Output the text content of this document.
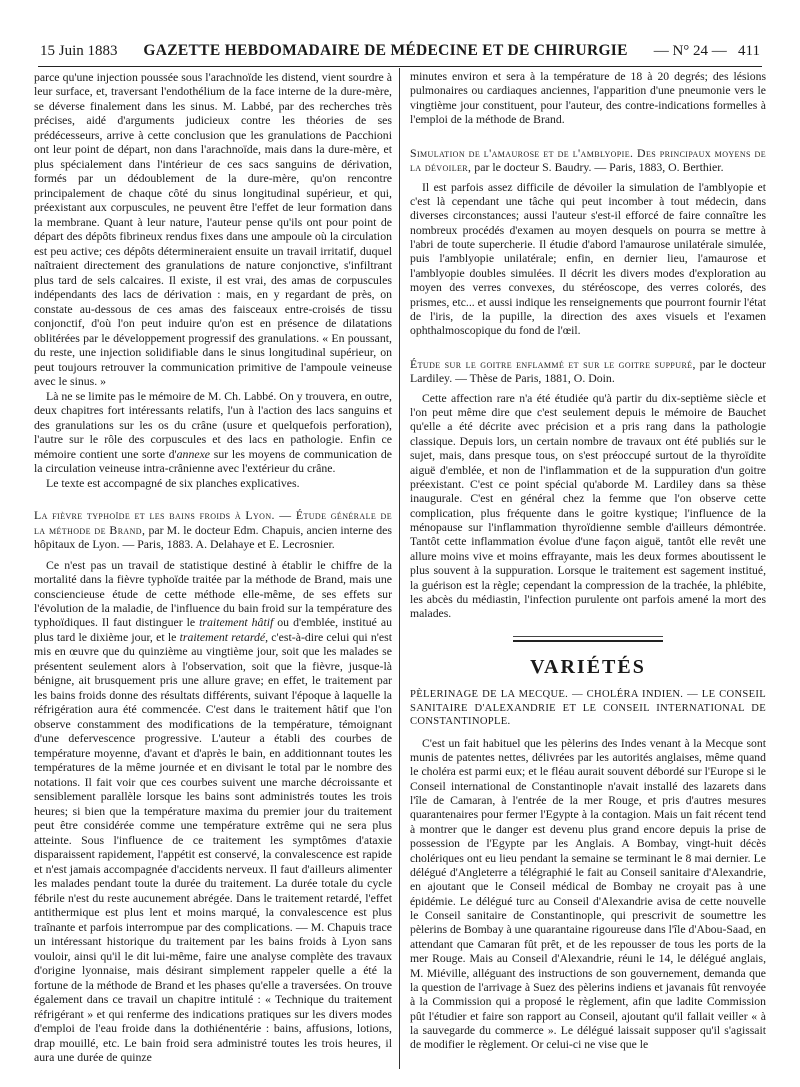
15 Juin 1883 GAZETTE HEBDOMADAIRE DE MÉDECINE ET DE CHIRURGIE — N° 24 — 411

parce qu'une injection poussée sous l'arachnoïde les distend, vient sourdre à leur surface, et, traversant l'endothélium de la face interne de la dure-mère, se déverse finalement dans les sinus. M. Labbé, par des recherches très précises, aidé d'arguments judicieux contre les théories de ses prédécesseurs, arrive à cette conclusion que les granulations de Pacchioni ont leur point de départ, non dans l'arachnoïde, mais dans la dure-mère, et plus spécialement dans l'intérieur de ces sacs sanguins de dérivation, formés par un dédoublement de la dure-mère, qu'on rencontre principalement de chaque côté du sinus longitudinal supérieur, et qui, préexistant aux corpuscules, ne peuvent être l'effet de leur formation dans la membrane. Quant à leur nature, l'auteur pense qu'ils ont pour point de départ des dépôts fibrineux rendus fixes dans une ampoule où la circulation est peu active; ces dépôts détermineraient ensuite un travail irritatif, duquel naîtraient directement des granulations de nature conjonctive, s'infiltrant plus tard de sels calcaires. Il existe, il est vrai, des amas de corpuscules indépendants des lacs de dérivation : mais, en y regardant de près, on constate au-dessous de ces amas des faisceaux entre-croisés de tissu conjonctif, d'où l'on peut induire qu'on est en présence de dilatations oblitérées par le développement progressif des granulations. « En poussant, du reste, une injection solidifiable dans le sinus longitudinal supérieur, on peut toujours retrouver la communication primitive de l'ampoule veineuse avec le sinus. »

Là ne se limite pas le mémoire de M. Ch. Labbé. On y trouvera, en outre, deux chapitres fort intéressants relatifs, l'un à l'action des lacs sanguins et des granulations sur les os du crâne (usure et quelquefois perforation), l'autre sur le rôle des corpuscules et des lacs en pathologie. Enfin ce mémoire contient une sorte d'annexe sur les moyens de communication de la circulation veineuse intra-crânienne avec l'extérieur du crâne.

Le texte est accompagné de six planches explicatives.

La fièvre typhoïde et les bains froids à Lyon. — Étude générale de la méthode de Brand, par M. le docteur Edm. Chapuis, ancien interne des hôpitaux de Lyon. — Paris, 1883. A. Delahaye et E. Lecrosnier.

Ce n'est pas un travail de statistique destiné à établir le chiffre de la mortalité dans la fièvre typhoïde traitée par la méthode de Brand, mais une consciencieuse étude de cette méthode elle-même, de ses effets sur l'évolution de la maladie, de l'influence du bain froid sur la température des typhoïdiques. Il faut distinguer le traitement hâtif ou d'emblée, institué au plus tard le dixième jour, et le traitement retardé, c'est-à-dire celui qui n'est mis en œuvre que du quinzième au vingtième jour, soit que les malades se présentent seulement alors à l'observation, soit que la fièvre, jusque-là bénigne, ait brusquement pris une allure grave; en effet, le traitement par les bains froids donne des résultats différents, suivant l'époque à laquelle la réfrigération aura été commencée. C'est dans le traitement hâtif que l'on observe constamment des modifications de la température, témoignant d'une defervescence progressive. L'auteur a établi des courbes de température moyenne, d'avant et d'après le bain, en additionnant toutes les températures de la même journée et en divisant le total par le nombre des notations. Il fait voir que ces courbes suivent une marche décroissante et sensiblement parallèle lorsque les bains sont administrés toutes les trois heures; si bien que la température maxima du premier jour du traitement peut être considérée comme une température extrême qui ne sera plus atteinte. Sous l'influence de ce traitement les symptômes d'ataxie disparaissent rapidement, l'appétit est conservé, la convalescence est rapide et n'est jamais accompagnée d'accidents nerveux. Il faut d'ailleurs alimenter les malades pendant toute la durée du traitement. La durée totale du cycle fébrile n'est du reste aucunement abrégée. Dans le traitement retardé, l'effet antithermique est plus lent et moins marqué, la convalescence est plus traînante et parfois interrompue par des complications. — M. Chapuis trace un intéressant historique du traitement par les bains froids à Lyon sans vouloir, ainsi qu'il le dit lui-même, faire une analyse complète des travaux d'origine lyonnaise, mais désirant simplement rappeler quelle a été la fortune de la méthode de Brand et les phases qu'elle a traversées. On trouve également dans ce travail un chapitre intitulé : « Technique du traitement réfrigérant » et qui renferme des indications pratiques sur les divers modes d'emploi de l'eau froide dans la dothiénentérie : bains, affusions, lotions, drap mouillé, etc. Le bain froid sera administré toutes les trois heures, il aura une durée de quinze

minutes environ et sera à la température de 18 à 20 degrés; des lésions pulmonaires ou cardiaques anciennes, l'apparition d'une pneumonie vers le vingtième jour constituent, pour l'auteur, des contre-indications formelles à l'emploi de la méthode de Brand.

Simulation de l'amaurose et de l'amblyopie. Des principaux moyens de la dévoiler, par le docteur S. Baudry. — Paris, 1883, O. Berthier.

Il est parfois assez difficile de dévoiler la simulation de l'amblyopie et c'est là cependant une tâche qui peut incomber à tout médecin, dans diverses circonstances; aussi l'auteur s'est-il efforcé de faire connaître les nombreux procédés d'examen au moyen desquels on pourra se mettre à l'abri de toute supercherie. Il étudie d'abord l'amaurose unilatérale simulée, puis l'amblyopie unilatérale; enfin, en dernier lieu, l'amaurose et l'amblyopie doubles simulées. Il décrit les divers modes d'exploration au moyen des verres convexes, du stéréoscope, des verres colorés, des prismes, etc... et aussi indique les renseignements que pourront fournir l'état de l'iris, de la pupille, la direction des axes visuels et l'examen ophthalmoscopique du fond de l'œil.

Étude sur le goitre enflammé et sur le goitre suppuré, par le docteur Lardiley. — Thèse de Paris, 1881, O. Doin.

Cette affection rare n'a été étudiée qu'à partir du dix-septième siècle et l'on peut même dire que c'est seulement depuis le mémoire de Bauchet qu'elle a été décrite avec précision et a pris rang dans la pathologie classique. Depuis lors, un certain nombre de travaux ont été publiés sur le sujet, mais, dans presque tous, on s'est préoccupé surtout de la thyroïdite aiguë d'emblée, et non de l'inflammation et de la suppuration d'un goitre préexistant. C'est ce point spécial qu'aborde M. Lardiley dans sa thèse inaugurale. C'est en général chez la femme que l'on observe cette complication, plus fréquente dans le goitre kystique; l'influence de la ménopause sur l'inflammation thyroïdienne semble d'ailleurs démontrée. Tantôt cette inflammation évolue d'une façon aiguë, tantôt elle revêt une allure moins vive et moins effrayante, mais les deux formes aboutissent le plus souvent à la suppuration. Lorsque le traitement est sagement institué, la guérison est la règle; cependant la compression de la trachée, la phlébite, les abcès du médiastin, l'infection purulente ont parfois amené la mort des malades.

VARIÉTÉS
PÈLERINAGE DE LA MECQUE. — CHOLÉRA INDIEN. — LE CONSEIL SANITAIRE D'ALEXANDRIE ET LE CONSEIL INTERNATIONAL DE CONSTANTINOPLE.

C'est un fait habituel que les pèlerins des Indes venant à la Mecque sont munis de patentes nettes, délivrées par les autorités anglaises, même quand le choléra est parmi eux; et le fléau aurait souvent débordé sur l'Europe si le Conseil international de Constantinople n'avait installé des lazarets dans l'île de Camaran, à l'entrée de la mer Rouge, et pris d'autres mesures quarantenaires pour fermer l'Egypte à la contagion. Mais un fait récent tend à montrer que le danger est devenu plus grand encore depuis la prise de possession de l'Egypte par les Anglais. A Bombay, vingt-huit décès cholériques ont eu lieu pendant la semaine se terminant le 8 mai dernier. Le délégué d'Angleterre a télégraphié le fait au Conseil sanitaire d'Alexandrie, en ajoutant que le Conseil médical de Bombay ne croyait pas à une épidémie. Le délégué turc au Conseil d'Alexandrie avisa de cette nouvelle le Conseil sanitaire de Constantinople, qui prescrivit de soumettre les pèlerins de Bombay à une quarantaine rigoureuse dans l'île d'Abou-Saad, en attendant que Camaran fût prêt, et de les repousser de tous les ports de la mer Rouge. Mais au Conseil d'Alexandrie, réuni le 14, le délégué anglais, M. Miéville, alléguant des instructions de son gouvernement, demanda que la question de l'arrivage à Suez des pèlerins indiens et javanais fût renvoyée à la Commission qui a proposé le règlement, afin que ladite Commission pût l'étudier et faire son rapport au Conseil, ajoutant qu'il fallait veiller « à la sauvegarde du commerce ». Le délégué laissait supposer qu'il s'agissait de modifier le règlement. Or celui-ci ne vise que le
